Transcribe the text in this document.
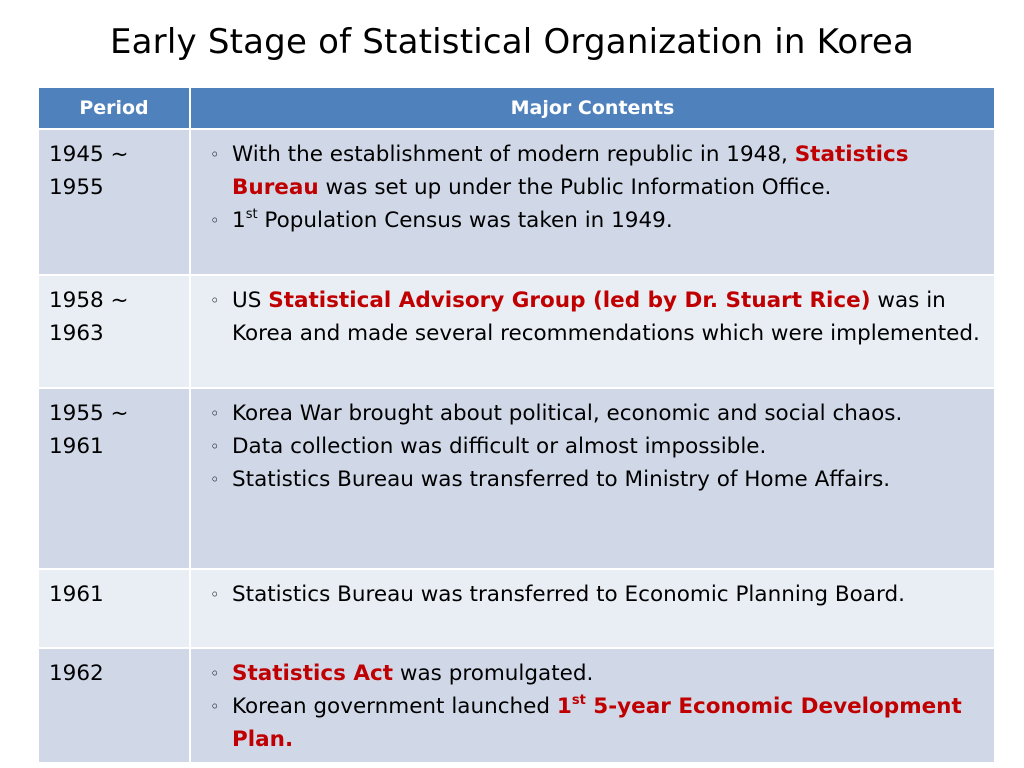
Early Stage of Statistical Organization in Korea
Period	Major Contents
1945 ~
1955	◦ With the establishment of modern republic in 1948, Statistics Bureau was set up under the Public Information Office.
◦ 1st Population Census was taken in 1949.

1958 ~
1963	◦ US Statistical Advisory Group (led by Dr. Stuart Rice) was in Korea and made several recommendations which were implemented.

1955 ~
1961	◦ Korea War brought about political, economic and social chaos.
◦ Data collection was difficult or almost impossible.
◦ Statistics Bureau was transferred to Ministry of Home Affairs.

1961	◦ Statistics Bureau was transferred to Economic Planning Board.

1962	◦ Statistics Act was promulgated.
◦ Korean government launched 1st 5-year Economic Development Plan.
